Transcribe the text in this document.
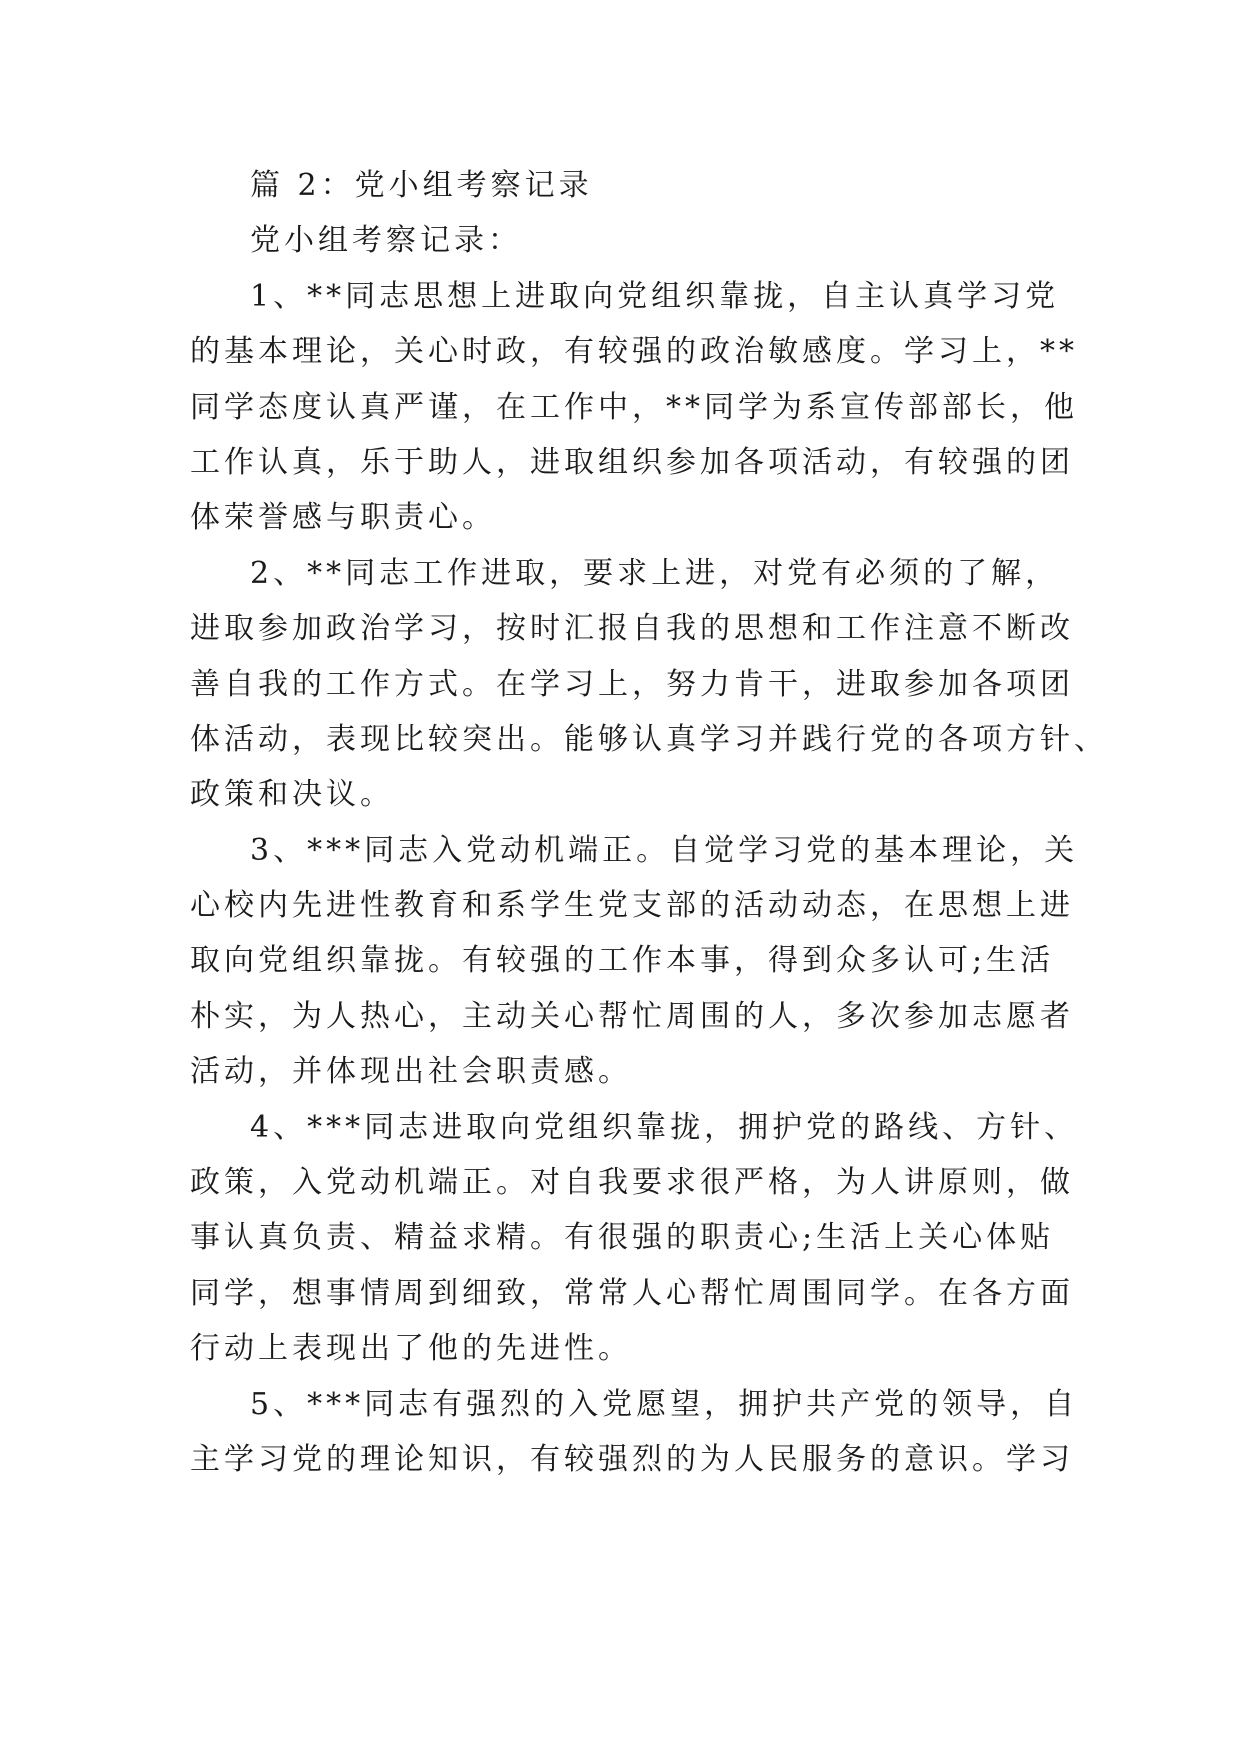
篇 2：党小组考察记录
党小组考察记录：
1、**同志思想上进取向党组织靠拢，自主认真学习党
的基本理论，关心时政，有较强的政治敏感度。学习上，**
同学态度认真严谨，在工作中，**同学为系宣传部部长，他
工作认真，乐于助人，进取组织参加各项活动，有较强的团
体荣誉感与职责心。
2、**同志工作进取，要求上进，对党有必须的了解，
进取参加政治学习，按时汇报自我的思想和工作注意不断改
善自我的工作方式。在学习上，努力肯干，进取参加各项团
体活动，表现比较突出。能够认真学习并践行党的各项方针、
政策和决议。
3、***同志入党动机端正。自觉学习党的基本理论，关
心校内先进性教育和系学生党支部的活动动态，在思想上进
取向党组织靠拢。有较强的工作本事，得到众多认可;生活
朴实，为人热心，主动关心帮忙周围的人，多次参加志愿者
活动，并体现出社会职责感。
4、***同志进取向党组织靠拢，拥护党的路线、方针、
政策，入党动机端正。对自我要求很严格，为人讲原则，做
事认真负责、精益求精。有很强的职责心;生活上关心体贴
同学，想事情周到细致，常常人心帮忙周围同学。在各方面
行动上表现出了他的先进性。
5、***同志有强烈的入党愿望，拥护共产党的领导，自
主学习党的理论知识，有较强烈的为人民服务的意识。学习
